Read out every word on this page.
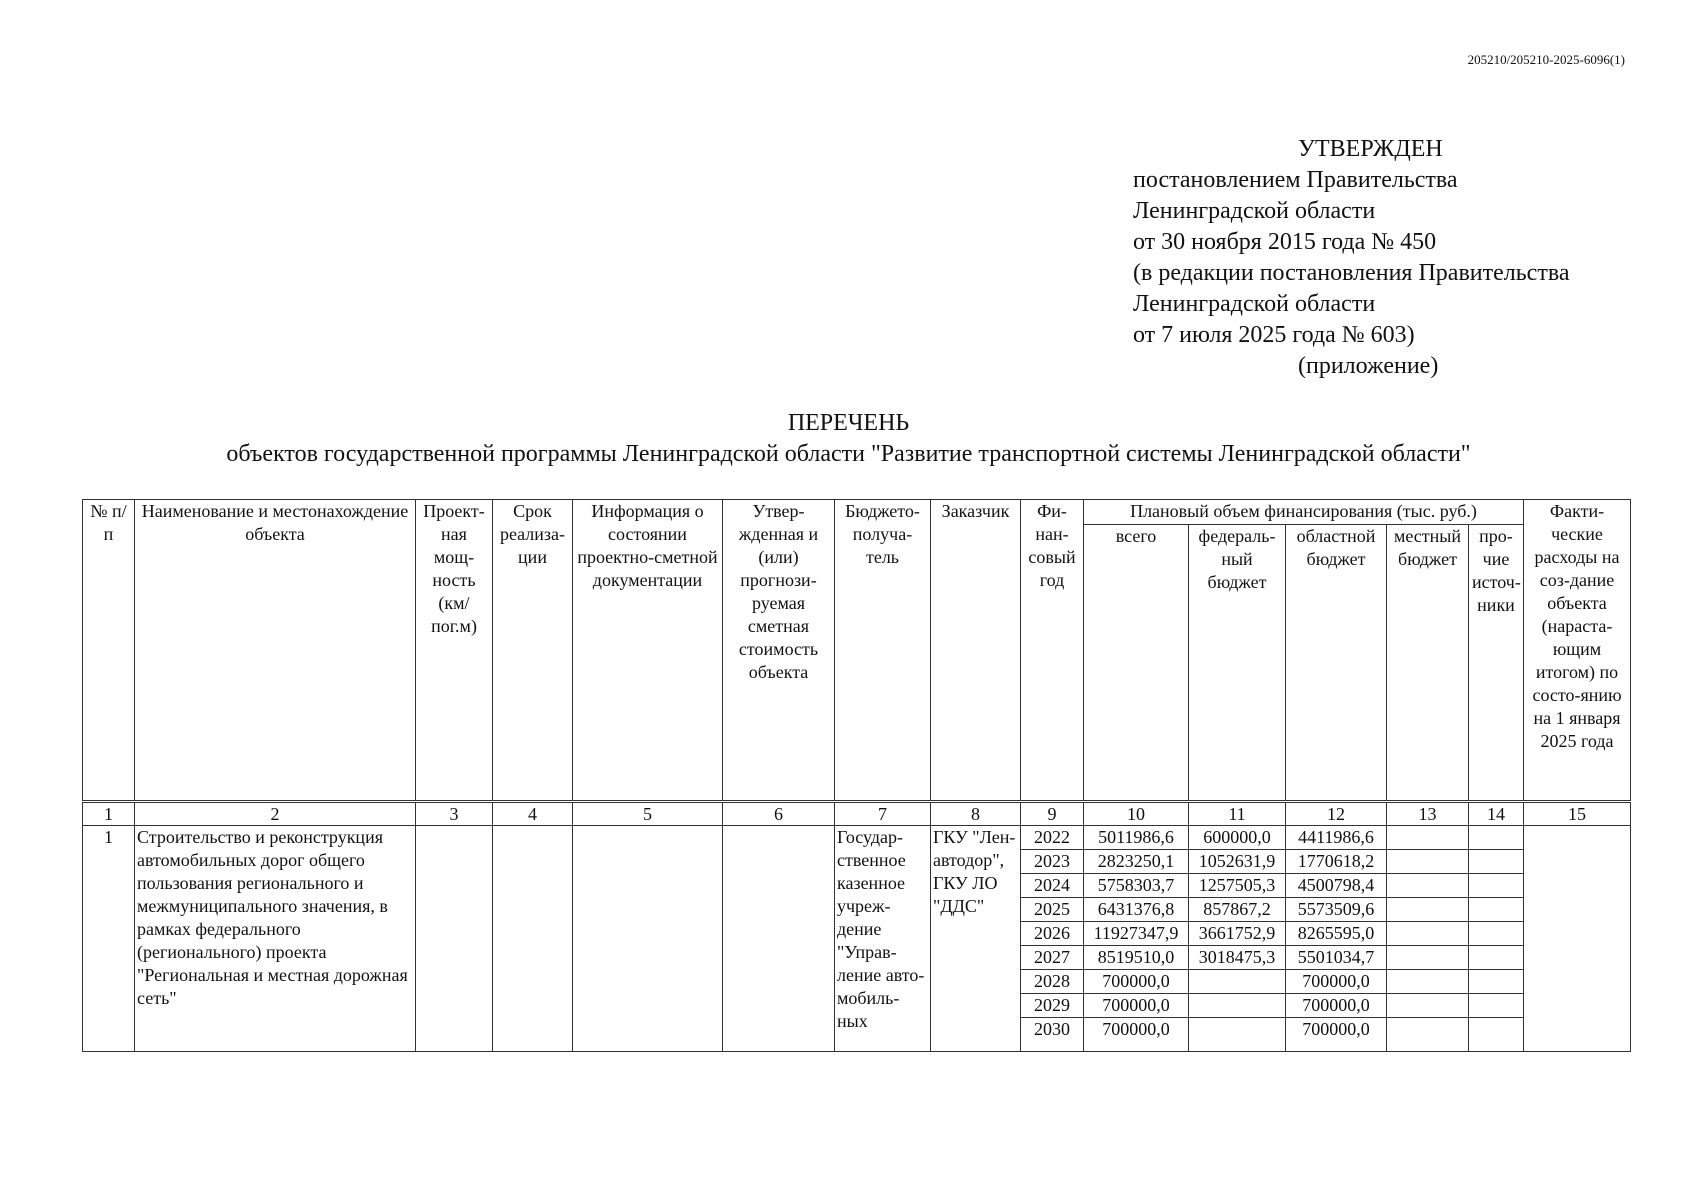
205210/205210-2025-6096(1)
УТВЕРЖДЕН
постановлением Правительства
Ленинградской области
от 30 ноября 2015 года № 450
(в редакции постановления Правительства
Ленинградской области
от 7 июля 2025 года № 603)
(приложение)
ПЕРЕЧЕНЬ
объектов государственной программы Ленинградской области "Развитие транспортной системы Ленинградской области"
№ п/п	Наименование и местонахождение объекта	Проект-ная мощ-ность (км/ пог.м)	Срок реализа-ции	Информация о состоянии проектно-сметной документации	Утвер-жденная и (или) прогнози-руемая сметная стоимость объекта	Бюджето-получа-тель	Заказчик	Фи-нан-совый год	Плановый объем финансирования (тыс. руб.)					Факти-ческие расходы на соз-дание объекта (нараста-ющим итогом) по состо-янию на 1 января 2025 года
									всего	федераль-ный бюджет	областной бюджет	местный бюджет	про-чие источ-ники	
1	2	3	4	5	6	7	8	9	10	11	12	13	14	15
1	Строительство и реконструкция автомобильных дорог общего пользования регионального и межмуниципального значения, в рамках федерального (регионального) проекта "Региональная и местная дорожная сеть"					Государ-ственное казенное учреж-дение "Управ-ление авто-мобиль-ных	ГКУ "Лен-автодор", ГКУ ЛО "ДДС"	2022	5011986,6	600000,0	4411986,6			
								2023	2823250,1	1052631,9	1770618,2			
								2024	5758303,7	1257505,3	4500798,4			
								2025	6431376,8	857867,2	5573509,6			
								2026	11927347,9	3661752,9	8265595,0			
								2027	8519510,0	3018475,3	5501034,7			
								2028	700000,0		700000,0			
								2029	700000,0		700000,0			
								2030	700000,0		700000,0			
